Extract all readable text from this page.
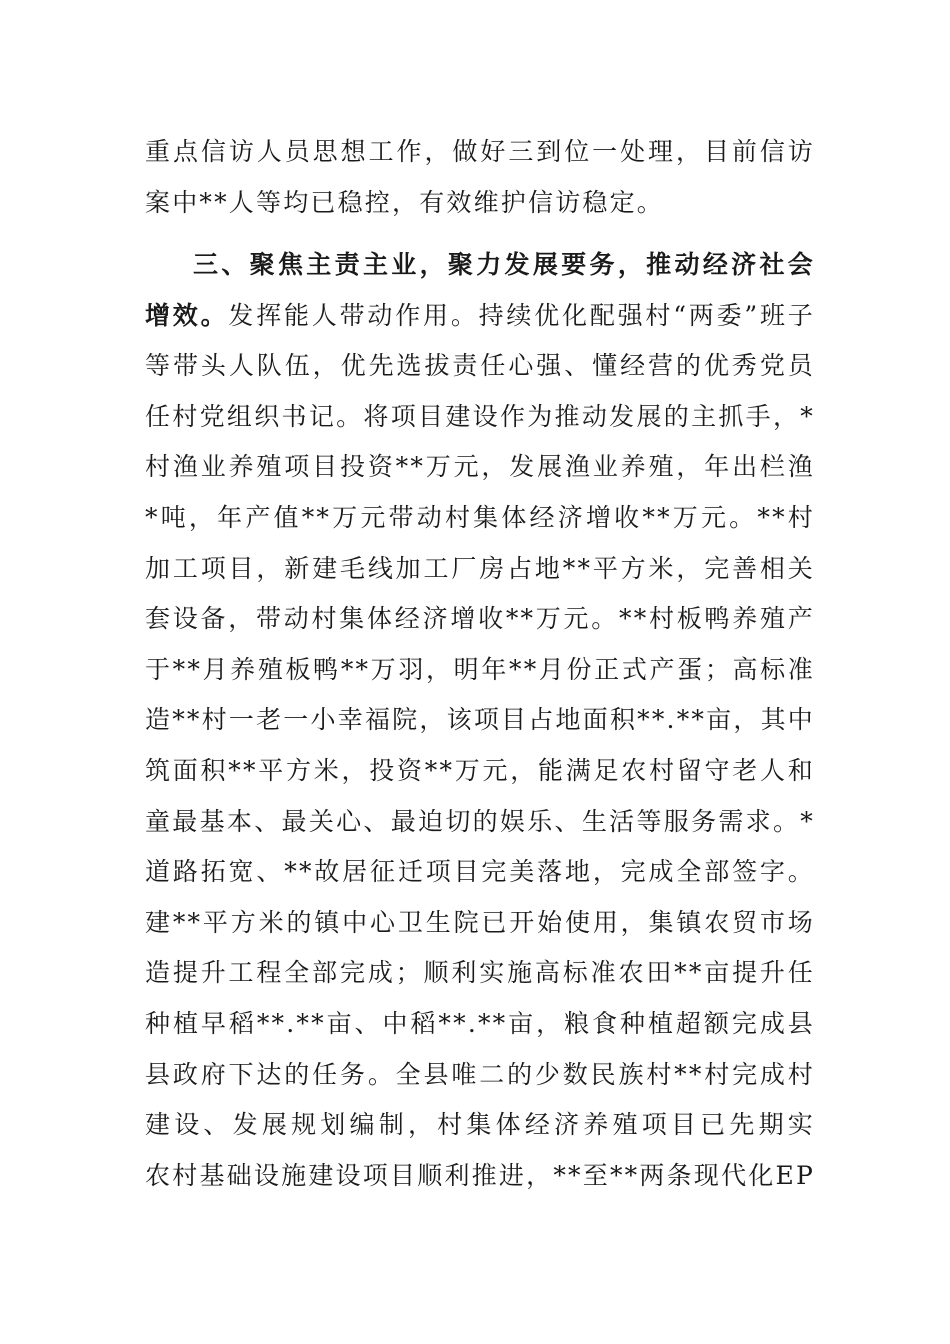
重点信访人员思想工作，做好三到位一处理，目前信访
案中**人等均已稳控，有效维护信访稳定。
三、聚焦主责主业，聚力发展要务，推动经济社会
增效。发挥能人带动作用。持续优化配强村“两委”班子
等带头人队伍，优先选拔责任心强、懂经营的优秀党员
任村党组织书记。将项目建设作为推动发展的主抓手，*
村渔业养殖项目投资**万元，发展渔业养殖，年出栏渔
*吨，年产值**万元带动村集体经济增收**万元。**村
加工项目，新建毛线加工厂房占地**平方米，完善相关
套设备，带动村集体经济增收**万元。**村板鸭养殖产
于**月养殖板鸭**万羽，明年**月份正式产蛋；高标准
造**村一老一小幸福院，该项目占地面积**.**亩，其中
筑面积**平方米，投资**万元，能满足农村留守老人和
童最基本、最关心、最迫切的娱乐、生活等服务需求。*
道路拓宽、**故居征迁项目完美落地，完成全部签字。
建**平方米的镇中心卫生院已开始使用，集镇农贸市场
造提升工程全部完成；顺利实施高标准农田**亩提升任
种植早稻**.**亩、中稻**.**亩，粮食种植超额完成县
县政府下达的任务。全县唯二的少数民族村**村完成村
建设、发展规划编制，村集体经济养殖项目已先期实
农村基础设施建设项目顺利推进，**至**两条现代化EP
